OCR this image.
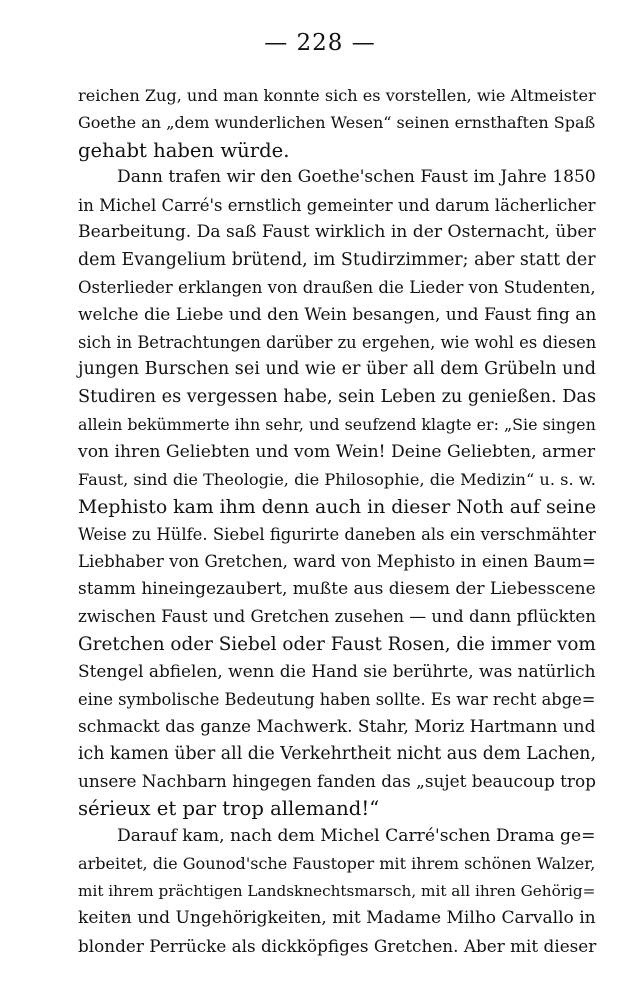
— 228 —
reichen Zug, und man konnte sich es vorstellen, wie Altmeister
Goethe an „dem wunderlichen Wesen“ seinen ernsthaften Spaß
gehabt haben würde.
Dann trafen wir den Goethe'schen Faust im Jahre 1850
in Michel Carré's ernstlich gemeinter und darum lächerlicher
Bearbeitung. Da saß Faust wirklich in der Osternacht, über
dem Evangelium brütend, im Studirzimmer; aber statt der
Osterlieder erklangen von draußen die Lieder von Studenten,
welche die Liebe und den Wein besangen, und Faust fing an
sich in Betrachtungen darüber zu ergehen, wie wohl es diesen
jungen Burschen sei und wie er über all dem Grübeln und
Studiren es vergessen habe, sein Leben zu genießen. Das
allein bekümmerte ihn sehr, und seufzend klagte er: „Sie singen
von ihren Geliebten und vom Wein! Deine Geliebten, armer
Faust, sind die Theologie, die Philosophie, die Medizin“ u. s. w.
Mephisto kam ihm denn auch in dieser Noth auf seine
Weise zu Hülfe. Siebel figurirte daneben als ein verschmähter
Liebhaber von Gretchen, ward von Mephisto in einen Baum=
stamm hineingezaubert, mußte aus diesem der Liebesscene
zwischen Faust und Gretchen zusehen — und dann pflückten
Gretchen oder Siebel oder Faust Rosen, die immer vom
Stengel abfielen, wenn die Hand sie berührte, was natürlich
eine symbolische Bedeutung haben sollte. Es war recht abge=
schmackt das ganze Machwerk. Stahr, Moriz Hartmann und
ich kamen über all die Verkehrtheit nicht aus dem Lachen,
unsere Nachbarn hingegen fanden das „sujet beaucoup trop
sérieux et par trop allemand!“
Darauf kam, nach dem Michel Carré'schen Drama ge=
arbeitet, die Gounod'sche Faustoper mit ihrem schönen Walzer,
mit ihrem prächtigen Landsknechtsmarsch, mit all ihren Gehörig=
keiten und Ungehörigkeiten, mit Madame Milho Carvallo in
blonder Perrücke als dickköpfiges Gretchen. Aber mit dieser
